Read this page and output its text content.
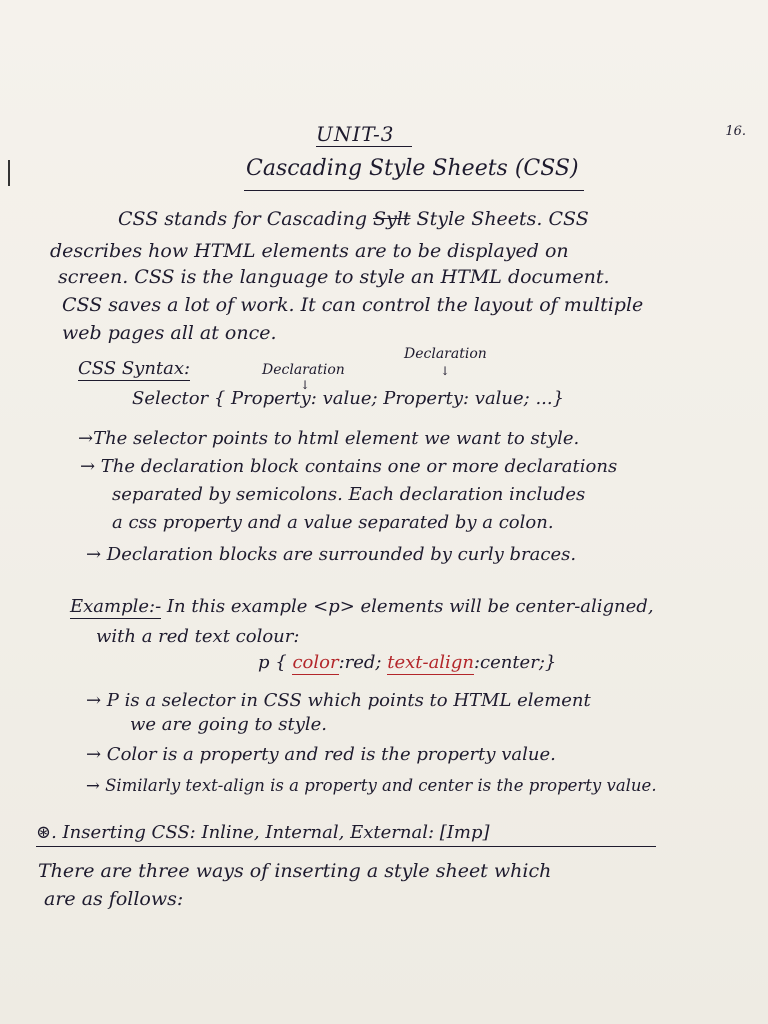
16.
UNIT-3
Cascading Style Sheets (CSS)
CSS stands for Cascading Sylt Style Sheets. CSS
describes how HTML elements are to be displayed on
screen. CSS is the language to style an HTML document.
CSS saves a lot of work. It can control the layout of multiple
web pages all at once.
CSS Syntax:	Declaration
Declaration
↓
↓
Selector { Property: value; Property: value; ...}
→The selector points to html element we want to style.
→ The declaration block contains one or more declarations
separated by semicolons. Each declaration includes
a css property and a value separated by a colon.
→ Declaration blocks are surrounded by curly braces.
Example:- In this example <p> elements will be center-aligned,
with a red text colour:
p { color:red; text-align:center;}
→ P is a selector in CSS which points to HTML element
we are going to style.
→ Color is a property and red is the property value.
→ Similarly text-align is a property and center is the property value.
⊛. Inserting CSS: Inline, Internal, External: [Imp]
There are three ways of inserting a style sheet which
are as follows:
